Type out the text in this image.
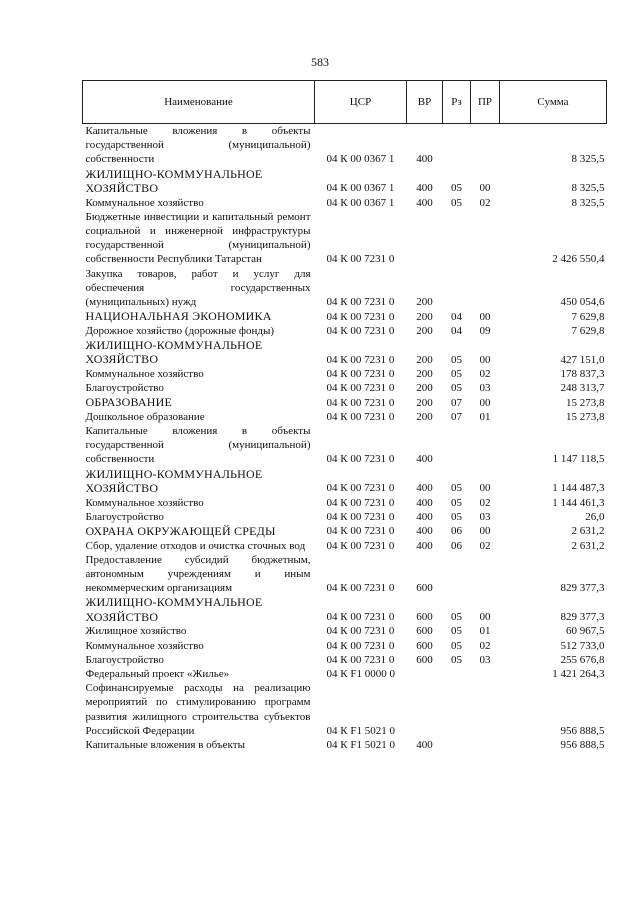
583
Наименование	ЦСР	ВР	Рз	ПР	Сумма
Капитальные вложения в объекты государственной (муниципальной) собственности	04 К 00 0367 1	400			8 325,5
ЖИЛИЩНО-КОММУНАЛЬНОЕ ХОЗЯЙСТВО	04 К 00 0367 1	400	05	00	8 325,5
Коммунальное хозяйство	04 К 00 0367 1	400	05	02	8 325,5
Бюджетные инвестиции и капитальный ремонт социальной и инженерной инфраструктуры государственной (муниципальной) собственности Республики Татарстан	04 К 00 7231 0				2 426 550,4
Закупка товаров, работ и услуг для обеспечения государственных (муниципальных) нужд	04 К 00 7231 0	200			450 054,6
НАЦИОНАЛЬНАЯ ЭКОНОМИКА	04 К 00 7231 0	200	04	00	7 629,8
Дорожное хозяйство (дорожные фонды)	04 К 00 7231 0	200	04	09	7 629,8
ЖИЛИЩНО-КОММУНАЛЬНОЕ ХОЗЯЙСТВО	04 К 00 7231 0	200	05	00	427 151,0
Коммунальное хозяйство	04 К 00 7231 0	200	05	02	178 837,3
Благоустройство	04 К 00 7231 0	200	05	03	248 313,7
ОБРАЗОВАНИЕ	04 К 00 7231 0	200	07	00	15 273,8
Дошкольное образование	04 К 00 7231 0	200	07	01	15 273,8
Капитальные вложения в объекты государственной (муниципальной) собственности	04 К 00 7231 0	400			1 147 118,5
ЖИЛИЩНО-КОММУНАЛЬНОЕ ХОЗЯЙСТВО	04 К 00 7231 0	400	05	00	1 144 487,3
Коммунальное хозяйство	04 К 00 7231 0	400	05	02	1 144 461,3
Благоустройство	04 К 00 7231 0	400	05	03	26,0
ОХРАНА ОКРУЖАЮЩЕЙ СРЕДЫ	04 К 00 7231 0	400	06	00	2 631,2
Сбор, удаление отходов и очистка сточных вод	04 К 00 7231 0	400	06	02	2 631,2
Предоставление субсидий бюджетным, автономным учреждениям и иным некоммерческим организациям	04 К 00 7231 0	600			829 377,3
ЖИЛИЩНО-КОММУНАЛЬНОЕ ХОЗЯЙСТВО	04 К 00 7231 0	600	05	00	829 377,3
Жилищное хозяйство	04 К 00 7231 0	600	05	01	60 967,5
Коммунальное хозяйство	04 К 00 7231 0	600	05	02	512 733,0
Благоустройство	04 К 00 7231 0	600	05	03	255 676,8
Федеральный проект «Жилье»	04 К F1 0000 0				1 421 264,3
Софинансируемые расходы на реализацию мероприятий по стимулированию программ развития жилищного строительства субъектов Российской Федерации	04 К F1 5021 0				956 888,5
Капитальные вложения в объекты	04 К F1 5021 0	400			956 888,5
